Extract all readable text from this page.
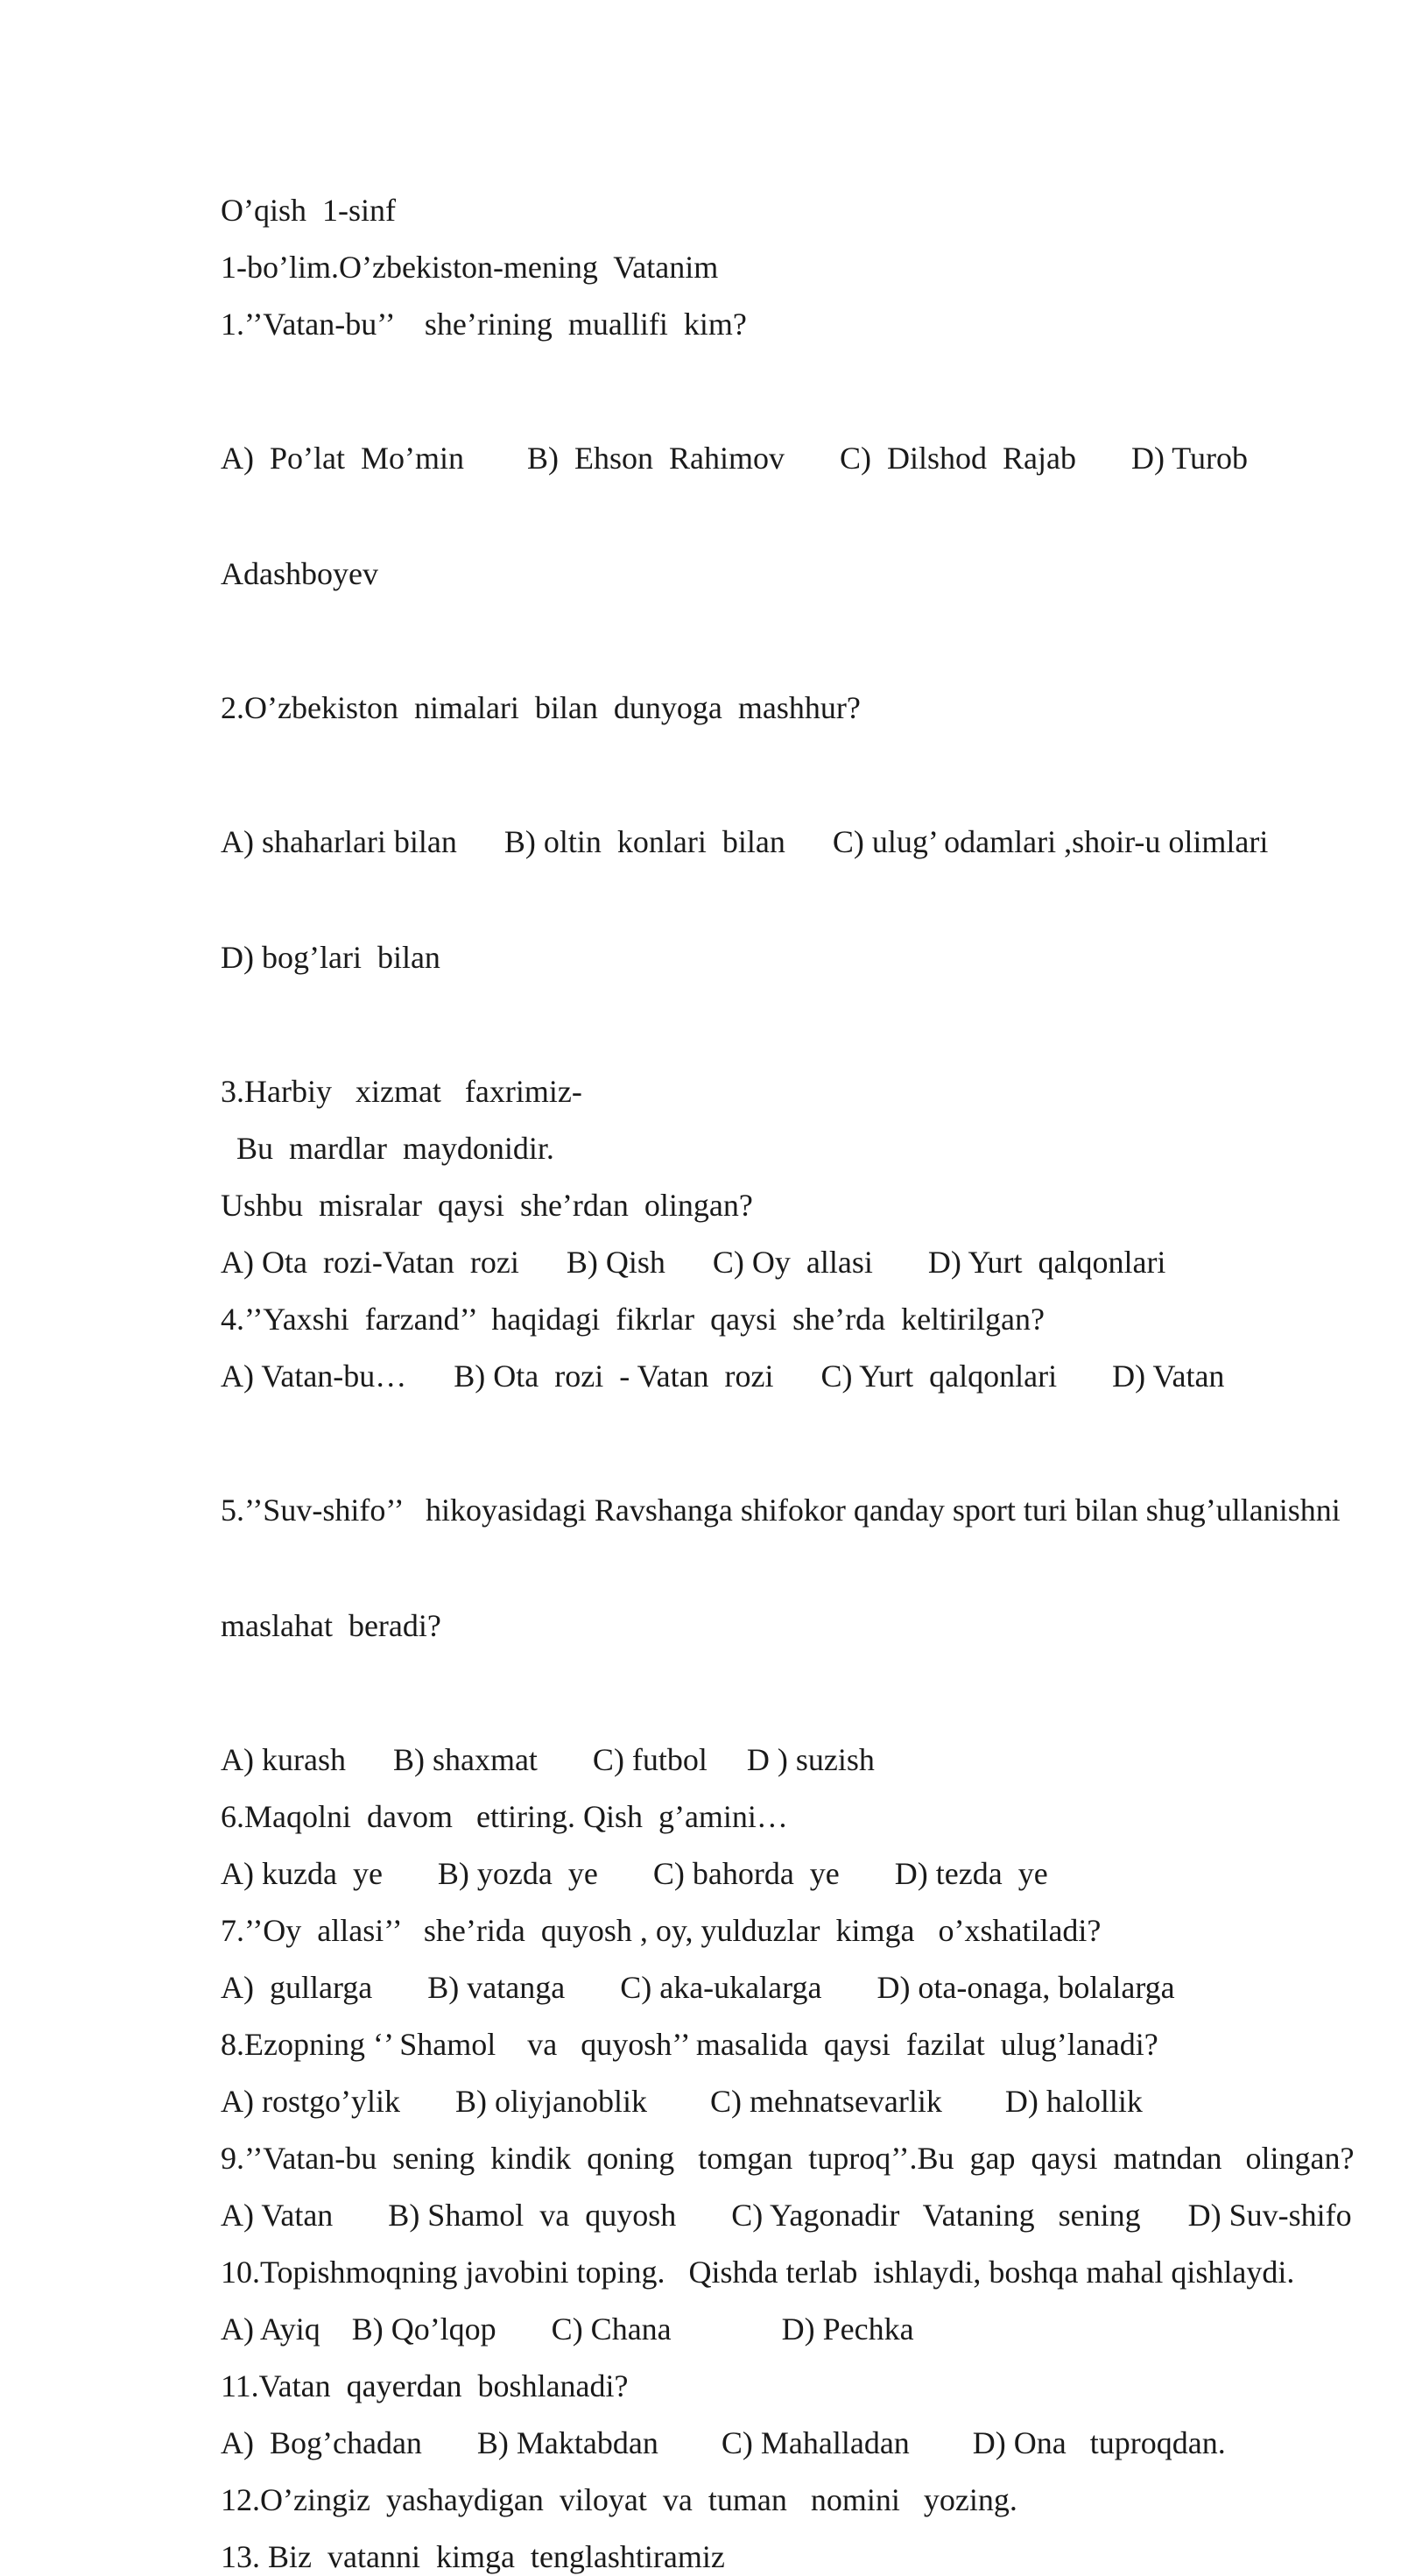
O’qish  1-sinf
1-bo’lim.O’zbekiston-mening  Vatanim
1.’’Vatan-bu’’    she’rining  muallifi  kim?

A)  Po’lat  Mo’min        B)  Ehson  Rahimov       C)  Dilshod  Rajab       D) Turob

Adashboyev

2.O’zbekiston  nimalari  bilan  dunyoga  mashhur?

A) shaharlari bilan      B) oltin  konlari  bilan      C) ulug’ odamlari ,shoir-u olimlari

D) bog’lari  bilan

3.Harbiy   xizmat   faxrimiz-
Bu  mardlar  maydonidir.
Ushbu  misralar  qaysi  she’rdan  olingan?
A) Ota  rozi-Vatan  rozi      B) Qish      C) Oy  allasi       D) Yurt  qalqonlari
4.’’Yaxshi  farzand’’  haqidagi  fikrlar  qaysi  she’rda  keltirilgan?
A) Vatan-bu…      B) Ota  rozi  - Vatan  rozi      C) Yurt  qalqonlari       D) Vatan

5.’’Suv-shifo’’   hikoyasidagi Ravshanga shifokor qanday sport turi bilan shug’ullanishni

maslahat  beradi?

A) kurash      B) shaxmat       C) futbol     D ) suzish
6.Maqolni  davom   ettiring. Qish  g’amini…
A) kuzda  ye       B) yozda  ye       C) bahorda  ye       D) tezda  ye
7.’’Oy  allasi’’   she’rida  quyosh , oy, yulduzlar  kimga   o’xshatiladi?
A)  gullarga       B) vatanga       C) aka-ukalarga       D) ota-onaga, bolalarga
8.Ezopning ‘’ Shamol    va   quyosh’’ masalida  qaysi  fazilat  ulug’lanadi?
A) rostgo’ylik       B) oliyjanoblik        C) mehnatsevarlik        D) halollik
9.’’Vatan-bu  sening  kindik  qoning   tomgan  tuproq’’.Bu  gap  qaysi  matndan   olingan?
A) Vatan       B) Shamol  va  quyosh       C) Yagonadir   Vataning   sening      D) Suv-shifo
10.Topishmoqning javobini toping.   Qishda terlab  ishlaydi, boshqa mahal qishlaydi.
A) Ayiq    B) Qo’lqop       C) Chana              D) Pechka
11.Vatan  qayerdan  boshlanadi?
A)  Bog’chadan       B) Maktabdan        C) Mahalladan        D) Ona   tuproqdan.
12.O’zingiz  yashaydigan  viloyat  va  tuman   nomini   yozing.
13. Biz  vatanni  kimga  tenglashtiramiz
